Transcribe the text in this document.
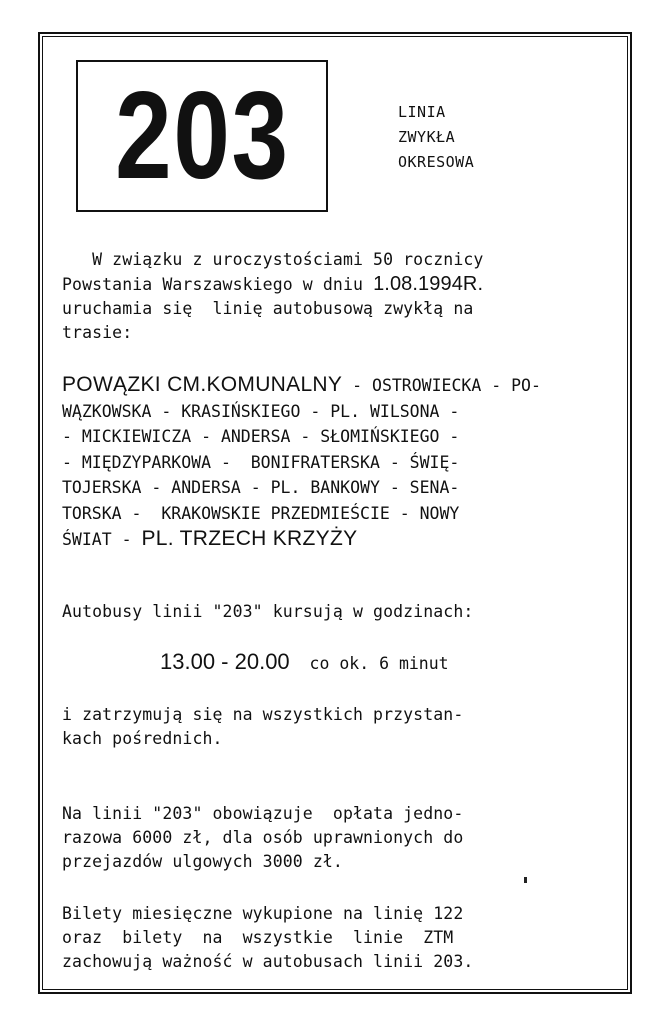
203	LINIA
ZWYKŁA
OKRESOWA
W związku z uroczystościami 50 rocznicy
Powstania Warszawskiego w dniu 1.08.1994R.
uruchamia się  linię autobusową zwykłą na
trasie:
POWĄZKI CM.KOMUNALNY - OSTROWIECKA - PO-
WĄZKOWSKA - KRASIŃSKIEGO - PL. WILSONA -
- MICKIEWICZA - ANDERSA - SŁOMIŃSKIEGO -
- MIĘDZYPARKOWA -  BONIFRATERSKA - ŚWIĘ-
TOJERSKA - ANDERSA - PL. BANKOWY - SENA-
TORSKA -  KRAKOWSKIE PRZEDMIEŚCIE - NOWY
ŚWIAT - PL. TRZECH KRZYŻY
Autobusy linii "203" kursują w godzinach:
13.00 - 20.00  co ok. 6 minut
i zatrzymują się na wszystkich przystan-
kach pośrednich.
Na linii "203" obowiązuje  opłata jedno-
razowa 6000 zł, dla osób uprawnionych do
przejazdów ulgowych 3000 zł.
Bilety miesięczne wykupione na linię 122
oraz  bilety  na  wszystkie  linie  ZTM
zachowują ważność w autobusach linii 203.
